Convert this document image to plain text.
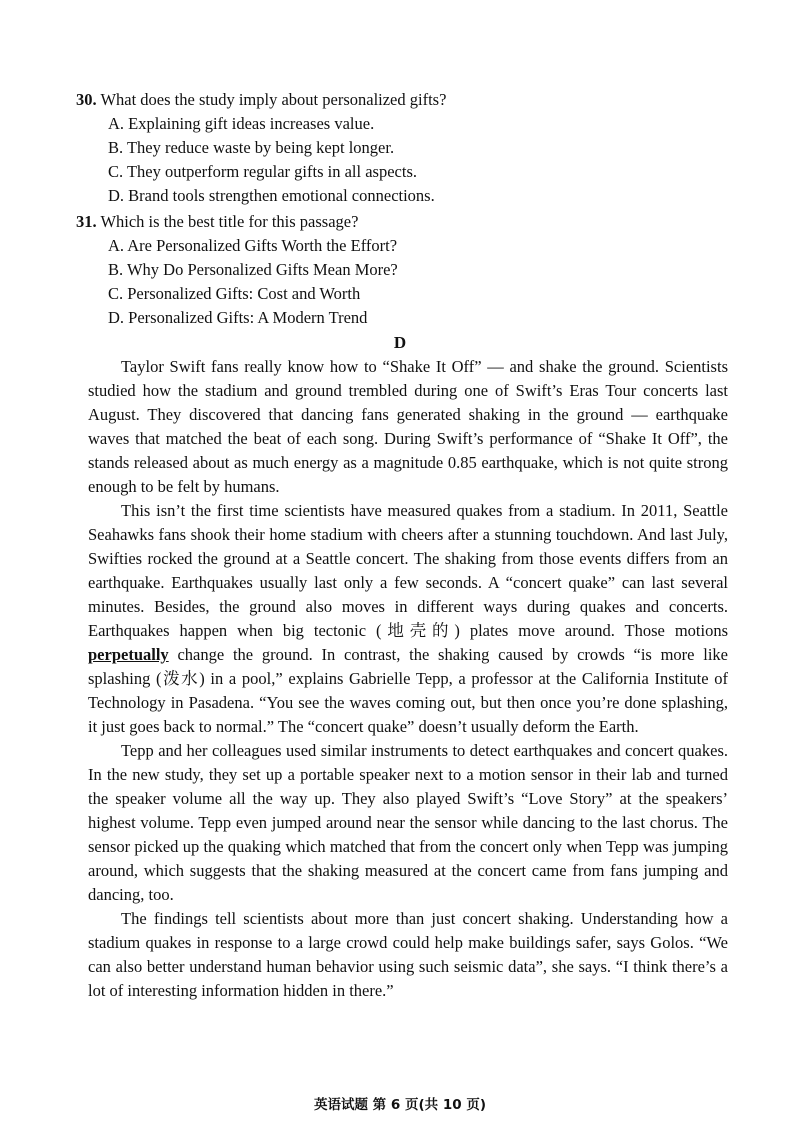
30. What does the study imply about personalized gifts?
A. Explaining gift ideas increases value.
B. They reduce waste by being kept longer.
C. They outperform regular gifts in all aspects.
D. Brand tools strengthen emotional connections.
31. Which is the best title for this passage?
A. Are Personalized Gifts Worth the Effort?
B. Why Do Personalized Gifts Mean More?
C. Personalized Gifts: Cost and Worth
D. Personalized Gifts: A Modern Trend
D

Taylor Swift fans really know how to “Shake It Off” — and shake the ground. Scientists studied how the stadium and ground trembled during one of Swift’s Eras Tour concerts last August. They discovered that dancing fans generated shaking in the ground — earthquake waves that matched the beat of each song. During Swift’s performance of “Shake It Off”, the stands released about as much energy as a magnitude 0.85 earthquake, which is not quite strong enough to be felt by humans.

This isn’t the first time scientists have measured quakes from a stadium. In 2011, Seattle Seahawks fans shook their home stadium with cheers after a stunning touchdown. And last July, Swifties rocked the ground at a Seattle concert. The shaking from those events differs from an earthquake. Earthquakes usually last only a few seconds. A “concert quake” can last several minutes. Besides, the ground also moves in different ways during quakes and concerts. Earthquakes happen when big tectonic (地壳的) plates move around. Those motions perpetually change the ground. In contrast, the shaking caused by crowds “is more like splashing (泼水) in a pool,” explains Gabrielle Tepp, a professor at the California Institute of Technology in Pasadena. “You see the waves coming out, but then once you’re done splashing, it just goes back to normal.” The “concert quake” doesn’t usually deform the Earth.

Tepp and her colleagues used similar instruments to detect earthquakes and concert quakes. In the new study, they set up a portable speaker next to a motion sensor in their lab and turned the speaker volume all the way up. They also played Swift’s “Love Story” at the speakers’ highest volume. Tepp even jumped around near the sensor while dancing to the last chorus. The sensor picked up the quaking which matched that from the concert only when Tepp was jumping around, which suggests that the shaking measured at the concert came from fans jumping and dancing, too.

The findings tell scientists about more than just concert shaking. Understanding how a stadium quakes in response to a large crowd could help make buildings safer, says Golos. “We can also better understand human behavior using such seismic data”, she says. “I think there’s a lot of interesting information hidden in there.”

英语试题 第 6 页(共 10 页)
